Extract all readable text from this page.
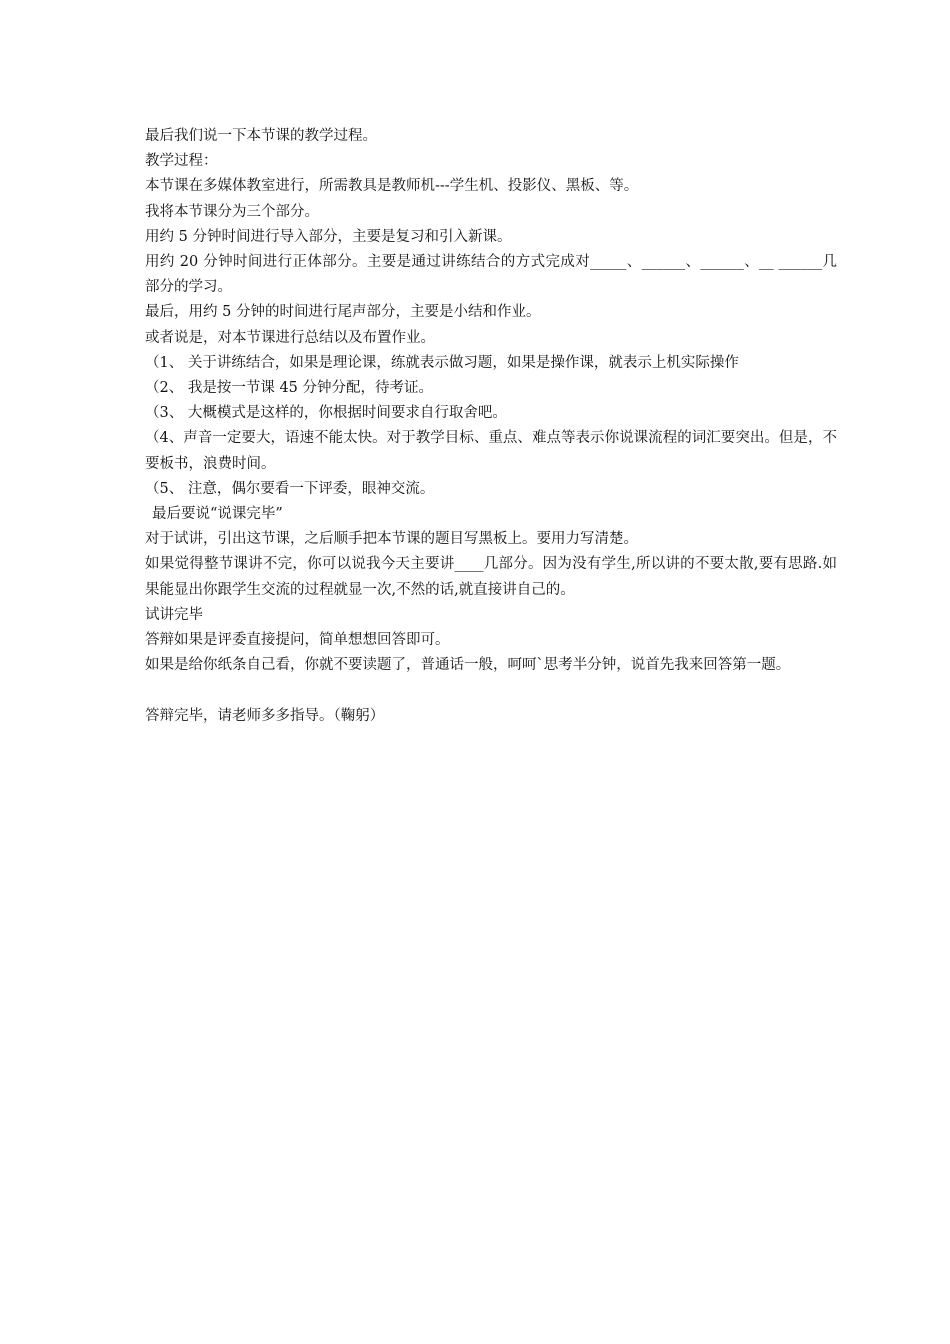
最后我们说一下本节课的教学过程。

教学过程：

本节课在多媒体教室进行，所需教具是教师机---学生机、投影仪、黑板、等。

我将本节课分为三个部分。

用约 5 分钟时间进行导入部分，主要是复习和引入新课。

用约 20 分钟时间进行正体部分。主要是通过讲练结合的方式完成对_____、______、______、__ ______几部分的学习。

最后，用约 5 分钟的时间进行尾声部分，主要是小结和作业。

或者说是，对本节课进行总结以及布置作业。

（1、 关于讲练结合，如果是理论课，练就表示做习题，如果是操作课，就表示上机实际操作

（2、 我是按一节课 45 分钟分配，待考证。

（3、 大概模式是这样的，你根据时间要求自行取舍吧。

（4、声音一定要大，语速不能太快。对于教学目标、重点、难点等表示你说课流程的词汇要突出。但是，不要板书，浪费时间。

（5、 注意，偶尔要看一下评委，眼神交流。

最后要说“说课完毕”

对于试讲，引出这节课，之后顺手把本节课的题目写黑板上。要用力写清楚。

如果觉得整节课讲不完，你可以说我今天主要讲____几部分。因为没有学生,所以讲的不要太散,要有思路.如果能显出你跟学生交流的过程就显一次,不然的话,就直接讲自己的。

试讲完毕

答辩如果是评委直接提问，简单想想回答即可。

如果是给你纸条自己看，你就不要读题了，普通话一般，呵呵`思考半分钟，说首先我来回答第一题。

答辩完毕，请老师多多指导。（鞠躬）
